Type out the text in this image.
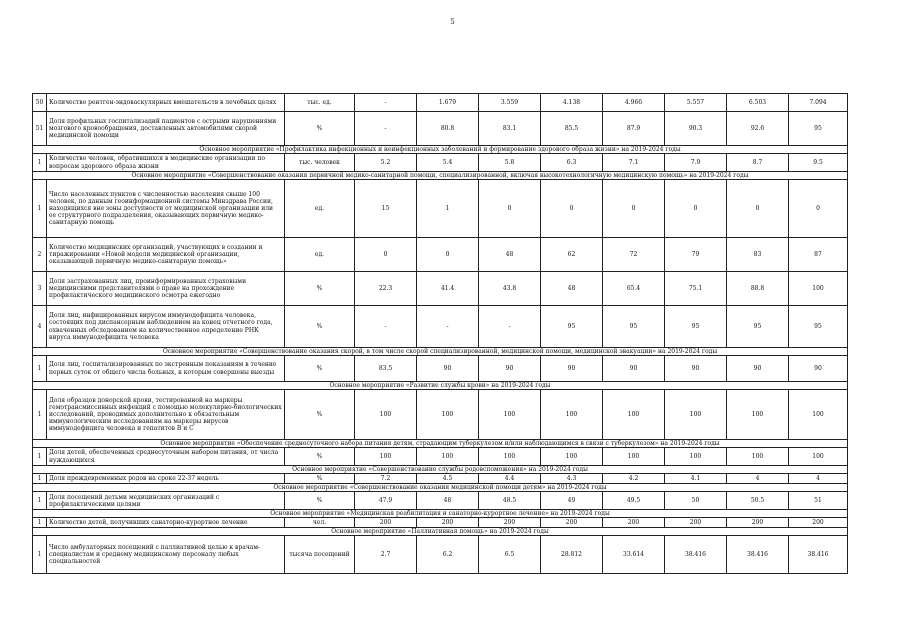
5
50	Количество рентген-эндоваскулярных вмешательств в лечебных целях	тыс. ед.	-	1.679	3.559	4.138	4.966	5.557	6.503	7.094
51	Доля профильных госпитализаций пациентов с острыми нарушениями мозгового кровообращения, доставленных автомобилями скорой медицинской помощи	%	-	80.8	83.1	85.5	87.9	90.3	92.6	95
Основное мероприятие «Профилактика инфекционных и неинфекционных заболеваний и формирование здорового образа жизни» на 2019-2024 годы										
1	Количество человек, обратившихся в медицинские организации по вопросам здорового образа жизни	тыс. человек	5.2	5.4	5.8	6.3	7.1	7.9	8.7	9.5
Основное мероприятие «Совершенствование оказания первичной медико-санитарной помощи, специализированной, включая высокотехнологичную медицинскую помощь» на 2019-2024 годы										
1	Число населенных пунктов с численностью населения свыше 100 человек, по данным геоинформационной системы Минздрава России, находящихся вне зоны доступности от медицинской организации или ее структурного подразделения, оказывающих первичную медико-санитарную помощь	ед.	15	1	0	0	0	0	0	0
2	Количество медицинских организаций, участвующих в создании и тиражировании «Новой модели медицинской организации, оказывающей первичную медико-санитарную помощь»	ед.	0	0	48	62	72	79	83	87
3	Доля застрахованных лиц, проинформированных страховыми медицинскими представителями о праве на прохождение профилактического медицинского осмотра ежегодно	%	22.3	41.4	43.8	48	65.4	75.1	88.8	100
4	Доля лиц, инфицированных вирусом иммунодефицита человека, состоящих под диспансерным наблюдением на конец отчетного года, охваченных обследованием на количественное определение РНК вируса иммунодефицита человека	%	-	-	-	95	95	95	95	95
Основное мероприятие «Совершенствование оказания скорой, в том числе скорой специализированной, медицинской помощи, медицинской эвакуации» на 2019-2024 годы										
1	Доля лиц, госпитализированных по экстренным показаниям в течение первых суток от общего числа больных, к которым совершены выезды	%	83.5	90	90	90	90	90	90	90
Основное мероприятие «Развитие службы крови» на 2019-2024 годы										
1	Доля образцов донорской крови, тестированной на маркеры гемотрансмиссивных инфекций с помощью молекулярно-биологических исследований, проводимых дополнительно к обязательным иммунологическим исследованиям на маркеры вирусов иммунодефицита человека и гепатитов В и С	%	100	100	100	100	100	100	100	100
Основное мероприятие «Обеспечение среднесуточного набора питания детям, страдающим туберкулезом и/или наблюдающимся в связи с туберкулезом» на 2019-2024 годы										
1	Доля детей, обеспеченных среднесуточным набором питания, от числа нуждающихся	%	100	100	100	100	100	100	100	100
Основное мероприятие «Совершенствование службы родовспоможения» на 2019-2024 годы										
1	Доля преждевременных родов на сроке 22-37 недель	%	7.2	4.5	4.4	4.3	4.2	4.1	4	4
Основное мероприятие «Совершенствование оказания медицинской помощи детям» на 2019-2024 годы										
1	Доля посещений детьми медицинских организаций с профилактическими целями	%	47.9	48	48.5	49	49.5	50	50.5	51
Основное мероприятие «Медицинская реабилитация и санаторно-курортное лечение» на 2019-2024 годы										
1	Количество детей, получивших санаторно-курортное лечение	чел.	200	200	200	200	200	200	200	200
Основное мероприятие «Паллиативная помощь» на 2019-2024 годы										
1	Число амбулаторных посещений с паллиативной целью к врачам-специалистам и среднему медицинскому персоналу любых специальностей	тысяча посещений	2.7	6.2	6.5	28.812	33.614	38.416	38.416	38.416
